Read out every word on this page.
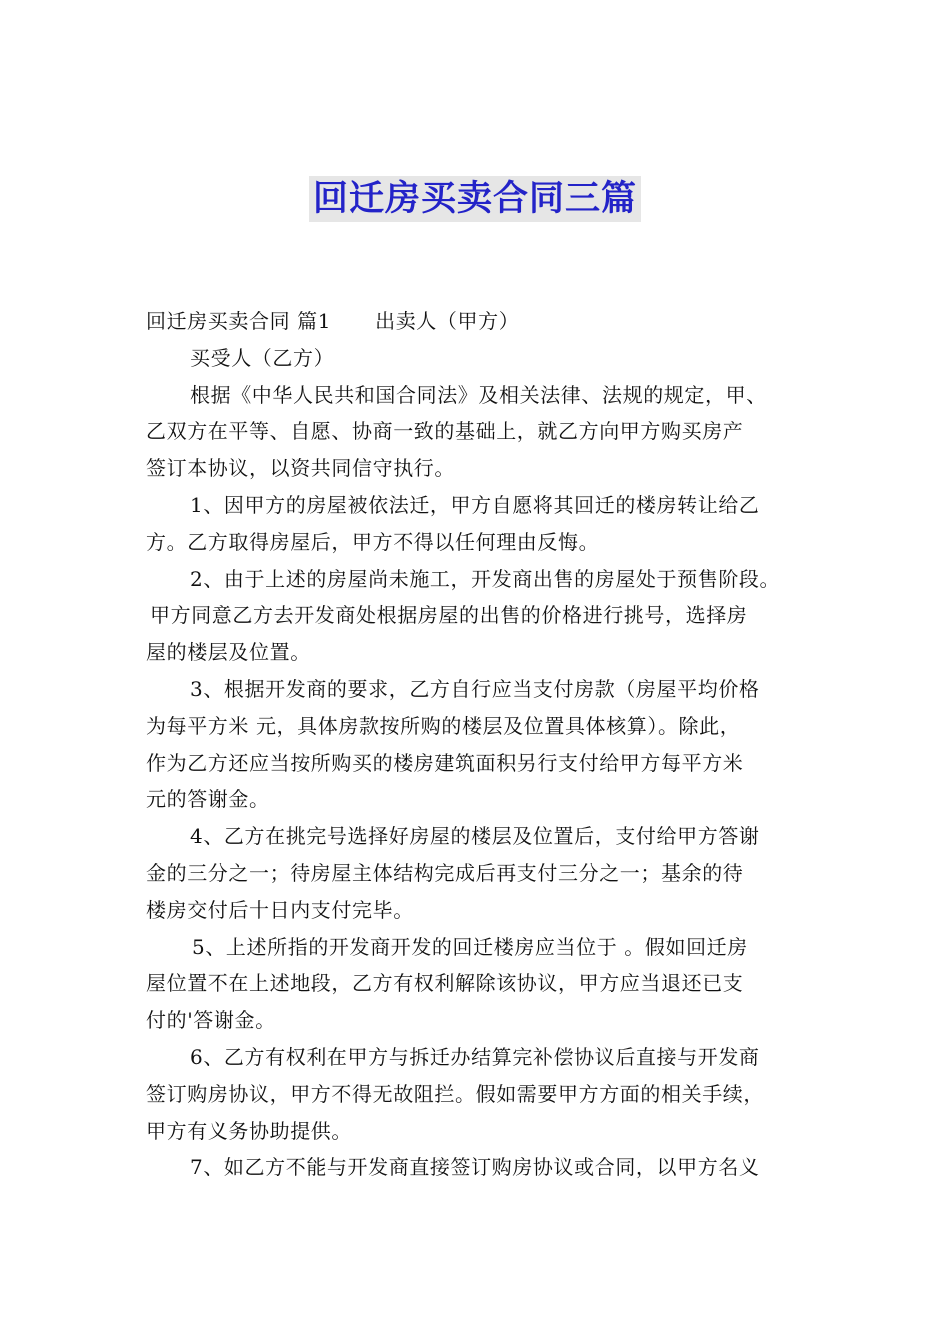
回迁房买卖合同三篇
回迁房买卖合同 篇1 出卖人（甲方）
买受人（乙方）
根据《中华人民共和国合同法》及相关法律、法规的规定，甲、
乙双方在平等、自愿、协商一致的基础上，就乙方向甲方购买房产
签订本协议，以资共同信守执行。
1、因甲方的房屋被依法迁，甲方自愿将其回迁的楼房转让给乙
方。乙方取得房屋后，甲方不得以任何理由反悔。
2、由于上述的房屋尚未施工，开发商出售的房屋处于预售阶段。
甲方同意乙方去开发商处根据房屋的出售的价格进行挑号，选择房
屋的楼层及位置。
3、根据开发商的要求，乙方自行应当支付房款（房屋平均价格
为每平方米 元，具体房款按所购的楼层及位置具体核算）。除此，
作为乙方还应当按所购买的楼房建筑面积另行支付给甲方每平方米
元的答谢金。
4、乙方在挑完号选择好房屋的楼层及位置后，支付给甲方答谢
金的三分之一；待房屋主体结构完成后再支付三分之一；基余的待
楼房交付后十日内支付完毕。
5、上述所指的开发商开发的回迁楼房应当位于 。假如回迁房
屋位置不在上述地段，乙方有权利解除该协议，甲方应当退还已支
付的'答谢金。
6、乙方有权利在甲方与拆迁办结算完补偿协议后直接与开发商
签订购房协议，甲方不得无故阻拦。假如需要甲方方面的相关手续，
甲方有义务协助提供。
7、如乙方不能与开发商直接签订购房协议或合同，以甲方名义
